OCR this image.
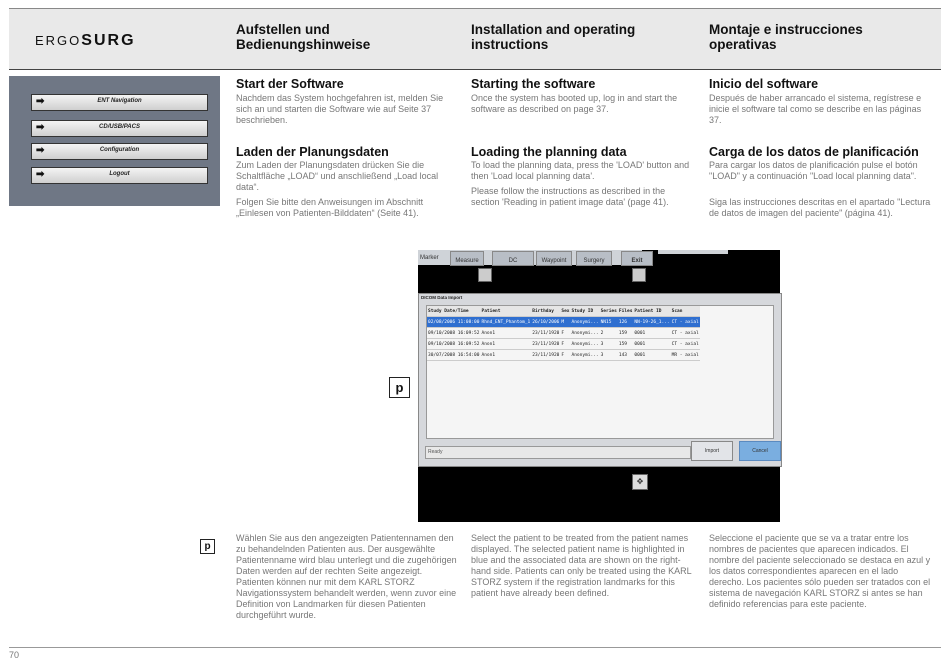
ERGOSURG
Aufstellen und Bedienungshinweise
Installation and operating instructions
Montaje e instrucciones operativas
➡	ENT Navigation
➡	CD/USB/PACS
➡	Configuration
➡	Logout
Start der Software
Nachdem das System hochgefahren ist, melden Sie sich an und starten die Software wie auf Seite 37 beschrieben.
Starting the software
Once the system has booted up, log in and start the software as described on page 37.
Inicio del software
Después de haber arrancado el sistema, regístrese e inicie el software tal como se describe en las páginas 37.
Laden der Planungsdaten
Zum Laden der Planungsdaten drücken Sie die Schaltfläche „LOAD“ und anschließend „Load local data“.
Folgen Sie bitte den Anweisungen im Abschnitt „Einlesen von Patienten-Bilddaten“ (Seite 41).
Loading the planning data
To load the planning data, press the 'LOAD' button and then 'Load local planning data'.
Please follow the instructions as described in the section 'Reading in patient image data' (page 41).
Carga de los datos de planificación
Para cargar los datos de planificación pulse el botón "LOAD" y a continuación "Load local planning data".
Siga las instrucciones descritas en el apartado "Lectura de datos de imagen del paciente" (página 41).
p
Marker	Measure	DC	Waypoint	Surgery	Exit
DICOM Data Import
Study Date/Time	Patient	Birthday	Sex	Study ID	Series	Files	Patient ID	Scan
02/08/2006 11:08:00	Rhnd_ENT_Phantom_1	26/10/2006	M	Anonymi...	NN15	126	NN-19-26_1...	CT - axial
09/10/2008 16:09:52	Anon1	23/11/1920	F	Anonymi...	2	159	0001	CT - axial
09/10/2008 16:09:52	Anon1	23/11/1920	F	Anonymi...	3	159	0001	CT - axial
30/07/2008 16:54:00	Anon1	23/11/1920	F	Anonymi...	3	143	0001	MR - axial
Ready	Import	Cancel
✥
p
Wählen Sie aus den angezeigten Patientennamen den zu behandelnden Patienten aus. Der ausgewählte Patientenname wird blau unterlegt und die zugehörigen Daten werden auf der rechten Seite angezeigt. Patienten können nur mit dem KARL STORZ Navigationssystem behandelt werden, wenn zuvor eine Definition von Landmarken für diesen Patienten durchgeführt wurde.
Select the patient to be treated from the patient names displayed. The selected patient name is highlighted in blue and the associated data are shown on the right-hand side. Patients can only be treated using the KARL STORZ system if the registration landmarks for this patient have already been defined.
Seleccione el paciente que se va a tratar entre los nombres de pacientes que aparecen indicados. El nombre del paciente seleccionado se destaca en azul y los datos correspondientes aparecen en el lado derecho. Los pacientes sólo pueden ser tratados con el sistema de navegación KARL STORZ si antes se han definido referencias para este paciente.
70
